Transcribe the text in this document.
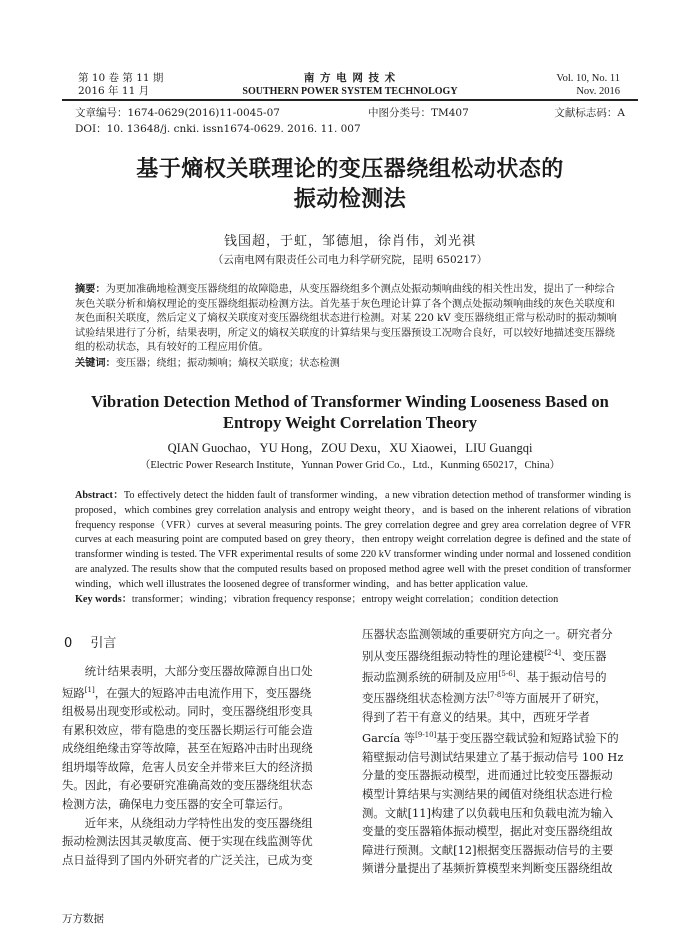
第 10 卷 第 11 期
2016 年 11 月
南 方 电 网 技 术
SOUTHERN POWER SYSTEM TECHNOLOGY
Vol. 10, No. 11
Nov. 2016
文章编号：1674-0629(2016)11-0045-07	中图分类号：TM407	文献标志码：A
DOI：10. 13648/j. cnki. issn1674-0629. 2016. 11. 007
基于熵权关联理论的变压器绕组松动状态的
振动检测法
钱国超，于虹，邹德旭，徐肖伟，刘光祺
（云南电网有限责任公司电力科学研究院，昆明 650217）

摘要：为更加准确地检测变压器绕组的故障隐患，从变压器绕组多个测点处振动频响曲线的相关性出发，提出了一种综合灰色关联分析和熵权理论的变压器绕组振动检测方法。首先基于灰色理论计算了各个测点处振动频响曲线的灰色关联度和灰色面积关联度，然后定义了熵权关联度对变压器绕组状态进行检测。对某 220 kV 变压器绕组正常与松动时的振动频响试验结果进行了分析，结果表明，所定义的熵权关联度的计算结果与变压器预设工况吻合良好，可以较好地描述变压器绕组的松动状态，具有较好的工程应用价值。

关键词：变压器；绕组；振动频响；熵权关联度；状态检测

Vibration Detection Method of Transformer Winding Looseness Based on
Entropy Weight Correlation Theory
QIAN Guochao，YU Hong，ZOU Dexu，XU Xiaowei，LIU Guangqi
（Electric Power Research Institute，Yunnan Power Grid Co.，Ltd.，Kunming 650217，China）

Abstract：To effectively detect the hidden fault of transformer winding，a new vibration detection method of transformer winding is proposed，which combines grey correlation analysis and entropy weight theory，and is based on the inherent relations of vibration frequency response（VFR）curves at several measuring points. The grey correlation degree and grey area correlation degree of VFR curves at each measuring point are computed based on grey theory，then entropy weight correlation degree is defined and the state of transformer winding is tested. The VFR experimental results of some 220 kV transformer winding under normal and lossened condition are analyzed. The results show that the computed results based on proposed method agree well with the preset condition of transformer winding，which well illustrates the loosened degree of transformer winding，and has better application value.

Key words：transformer；winding；vibration frequency response；entropy weight correlation；condition detection

0 引言
　　统计结果表明，大部分变压器故障源自出口处
短路[1]，在强大的短路冲击电流作用下，变压器绕
组极易出现变形或松动。同时，变压器绕组形变具
有累积效应，带有隐患的变压器长期运行可能会造
成绕组绝缘击穿等故障，甚至在短路冲击时出现绕
组坍塌等故障，危害人员安全并带来巨大的经济损
失。因此，有必要研究准确高效的变压器绕组状态
检测方法，确保电力变压器的安全可靠运行。
　　近年来，从绕组动力学特性出发的变压器绕组
振动检测法因其灵敏度高、便于实现在线监测等优
点日益得到了国内外研究者的广泛关注，已成为变
压器状态监测领域的重要研究方向之一。研究者分
别从变压器绕组振动特性的理论建模[2-4]、变压器
振动监测系统的研制及应用[5-6]、基于振动信号的
变压器绕组状态检测方法[7-8]等方面展开了研究，
得到了若干有意义的结果。其中，西班牙学者
García 等[9-10]基于变压器空载试验和短路试验下的
箱壁振动信号测试结果建立了基于振动信号 100 Hz
分量的变压器振动模型，进而通过比较变压器振动
模型计算结果与实测结果的阈值对绕组状态进行检
测。文献[11]构建了以负载电压和负载电流为输入
变量的变压器箱体振动模型，据此对变压器绕组故
障进行预测。文献[12]根据变压器振动信号的主要
频谱分量提出了基频折算模型来判断变压器绕组故
万方数据
